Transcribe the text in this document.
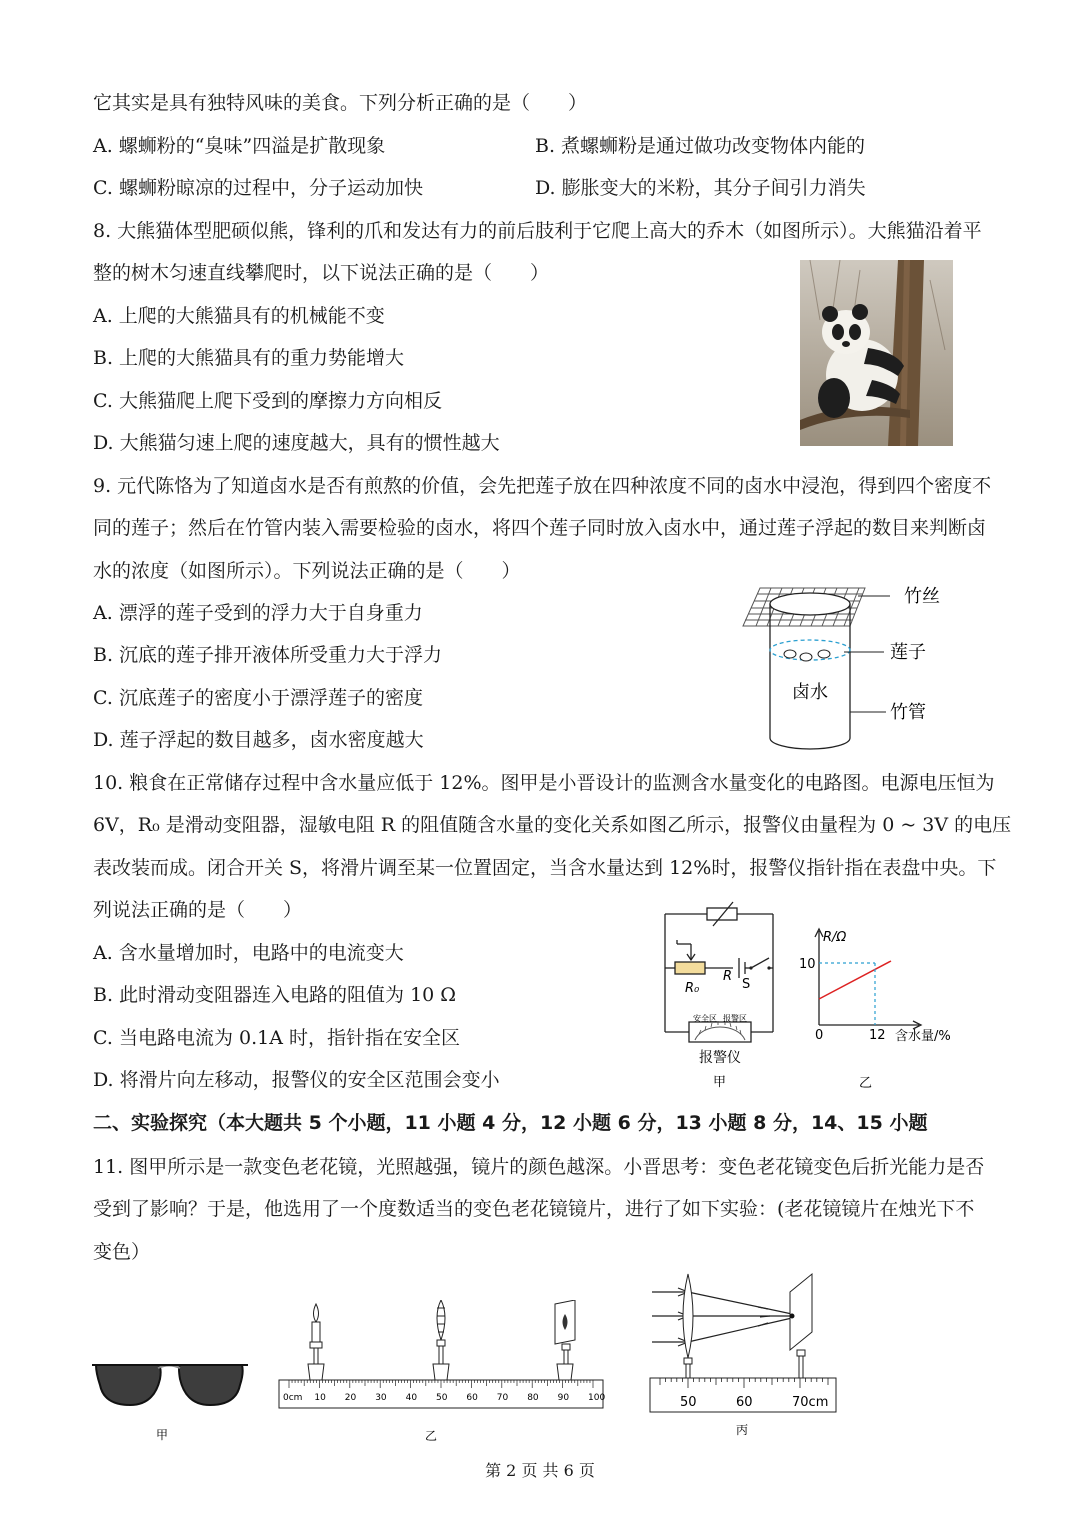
它其实是具有独特风味的美食。下列分析正确的是（　　）
A. 螺蛳粉的“臭味”四溢是扩散现象	B. 煮螺蛳粉是通过做功改变物体内能的
C. 螺蛳粉晾凉的过程中，分子运动加快	D. 膨胀变大的米粉，其分子间引力消失
8. 大熊猫体型肥硕似熊，锋利的爪和发达有力的前后肢利于它爬上高大的乔木（如图所示）。大熊猫沿着平
整的树木匀速直线攀爬时，以下说法正确的是（　　）
A. 上爬的大熊猫具有的机械能不变
B. 上爬的大熊猫具有的重力势能增大
C. 大熊猫爬上爬下受到的摩擦力方向相反
D. 大熊猫匀速上爬的速度越大，具有的惯性越大
9. 元代陈恪为了知道卤水是否有煎熬的价值，会先把莲子放在四种浓度不同的卤水中浸泡，得到四个密度不
同的莲子；然后在竹管内装入需要检验的卤水，将四个莲子同时放入卤水中，通过莲子浮起的数目来判断卤
水的浓度（如图所示）。下列说法正确的是（　　）
A. 漂浮的莲子受到的浮力大于自身重力
B. 沉底的莲子排开液体所受重力大于浮力
C. 沉底莲子的密度小于漂浮莲子的密度
D. 莲子浮起的数目越多，卤水密度越大
竹丝
莲子
卤水
竹管
10. 粮食在正常储存过程中含水量应低于 12%。图甲是小晋设计的监测含水量变化的电路图。电源电压恒为
6V，R₀ 是滑动变阻器，湿敏电阻 R 的阻值随含水量的变化关系如图乙所示，报警仪由量程为 0 ~ 3V 的电压
表改装而成。闭合开关 S，将滑片调至某一位置固定，当含水量达到 12%时，报警仪指针指在表盘中央。下
列说法正确的是（　　）
A. 含水量增加时，电路中的电流变大
B. 此时滑动变阻器连入电路的阻值为 10 Ω
C. 当电路电流为 0.1A 时，指针指在安全区
D. 将滑片向左移动，报警仪的安全区范围会变小
R
R₀	S
安全区 报警区
报警仪
甲
R/Ω
10
0	12 含水量/%
乙
二、实验探究（本大题共 5 个小题，11 小题 4 分，12 小题 6 分，13 小题 8 分，14、15 小题
11. 图甲所示是一款变色老花镜，光照越强，镜片的颜色越深。小晋思考：变色老花镜变色后折光能力是否
受到了影响？于是，他选用了一个度数适当的变色老花镜镜片，进行了如下实验：(老花镜镜片在烛光下不
变色）
甲
0cm 10 20 30 40 50 60 70 80 90 100
乙
50	60	70cm
丙
第 2 页 共 6 页
